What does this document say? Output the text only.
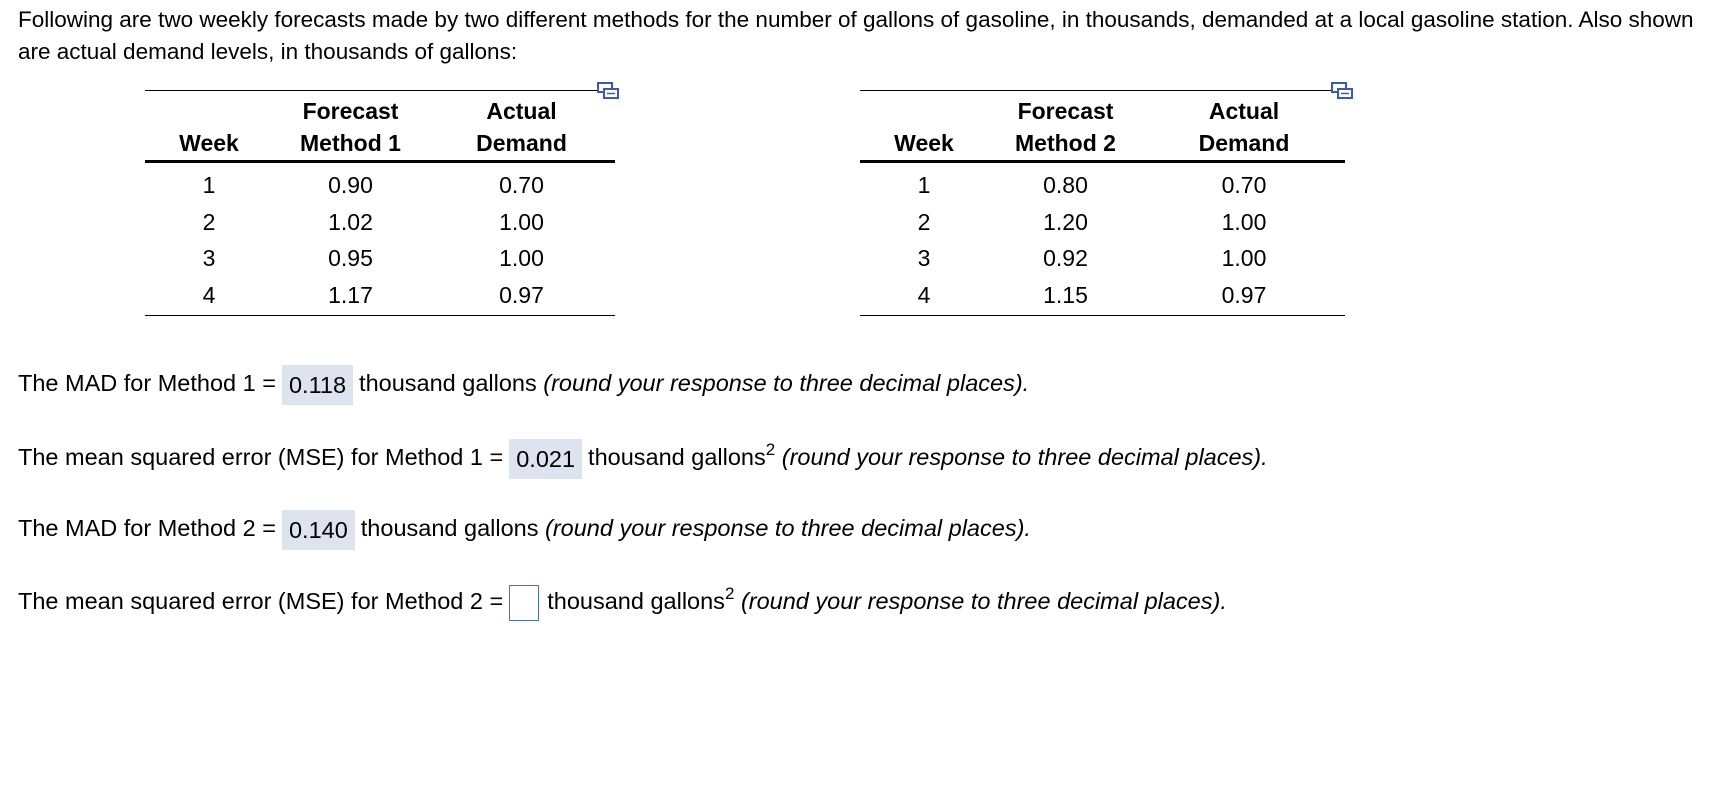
Following are two weekly forecasts made by two different methods for the number of gallons of gasoline, in thousands, demanded at a local gasoline station. Also shown are actual demand levels, in thousands of gallons:
	Forecast	Actual
Week	Method 1	Demand
1	0.90	0.70
2	1.02	1.00
3	0.95	1.00
4	1.17	0.97
	Forecast	Actual
Week	Method 2	Demand
1	0.80	0.70
2	1.20	1.00
3	0.92	1.00
4	1.15	0.97
The MAD for Method 1 = 0.118 thousand gallons (round your response to three decimal places).
The mean squared error (MSE) for Method 1 = 0.021 thousand gallons$^2$ (round your response to three decimal places).
The MAD for Method 2 = 0.140 thousand gallons (round your response to three decimal places).
The mean squared error (MSE) for Method 2 = thousand gallons$^2$ (round your response to three decimal places).
